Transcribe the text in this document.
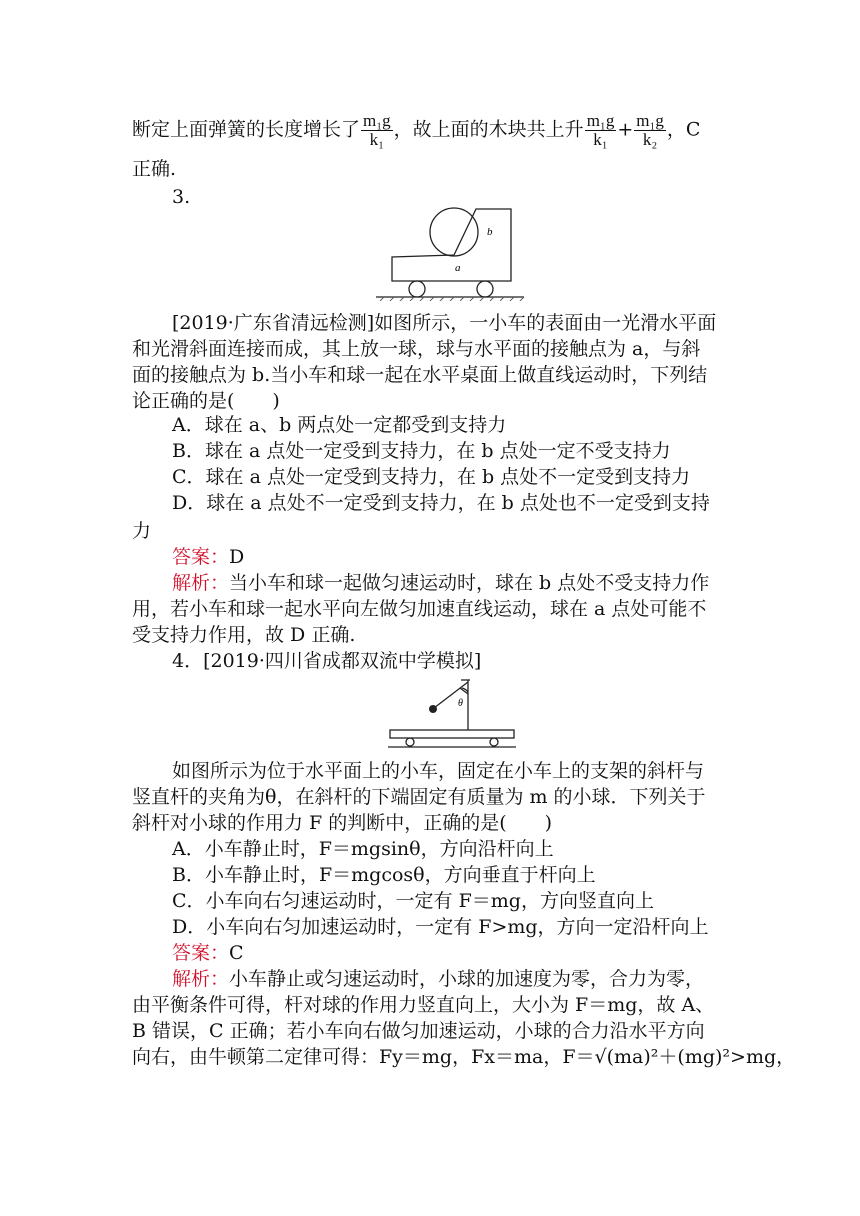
断定上面弹簧的长度增长了 $\frac{\text{m₁g}}{\text{k₁}}$ ，故上面的木块共上升 $\frac{\text{m₁g}}{\text{k₁}} + \frac{\text{m₁g}}{\text{k₂}}$ ，C
正确.
3.
a
b
[2019·广东省清远检测]如图所示，一小车的表面由一光滑水平面
和光滑斜面连接而成，其上放一球，球与水平面的接触点为 a，与斜
面的接触点为 b.当小车和球一起在水平桌面上做直线运动时，下列结
论正确的是(　　)
A．球在 a、b 两点处一定都受到支持力
B．球在 a 点处一定受到支持力，在 b 点处一定不受支持力
C．球在 a 点处一定受到支持力，在 b 点处不一定受到支持力
D．球在 a 点处不一定受到支持力，在 b 点处也不一定受到支持
力
答案：D
解析：当小车和球一起做匀速运动时，球在 b 点处不受支持力作
用，若小车和球一起水平向左做匀加速直线运动，球在 a 点处可能不
受支持力作用，故 D 正确.
4．[2019·四川省成都双流中学模拟]
θ
如图所示为位于水平面上的小车，固定在小车上的支架的斜杆与
竖直杆的夹角为θ，在斜杆的下端固定有质量为 m 的小球．下列关于
斜杆对小球的作用力 F 的判断中，正确的是(　　)
A．小车静止时，F＝mgsinθ，方向沿杆向上
B．小车静止时，F＝mgcosθ，方向垂直于杆向上
C．小车向右匀速运动时，一定有 F＝mg，方向竖直向上
D．小车向右匀加速运动时，一定有 F>mg，方向一定沿杆向上
答案：C
解析：小车静止或匀速运动时，小球的加速度为零，合力为零，
由平衡条件可得，杆对球的作用力竖直向上，大小为 F＝mg，故 A、
B 错误，C 正确；若小车向右做匀加速运动，小球的合力沿水平方向
向右，由牛顿第二定律可得：Fy＝mg，Fx＝ma，F＝√(ma)²＋(mg)²>mg，
